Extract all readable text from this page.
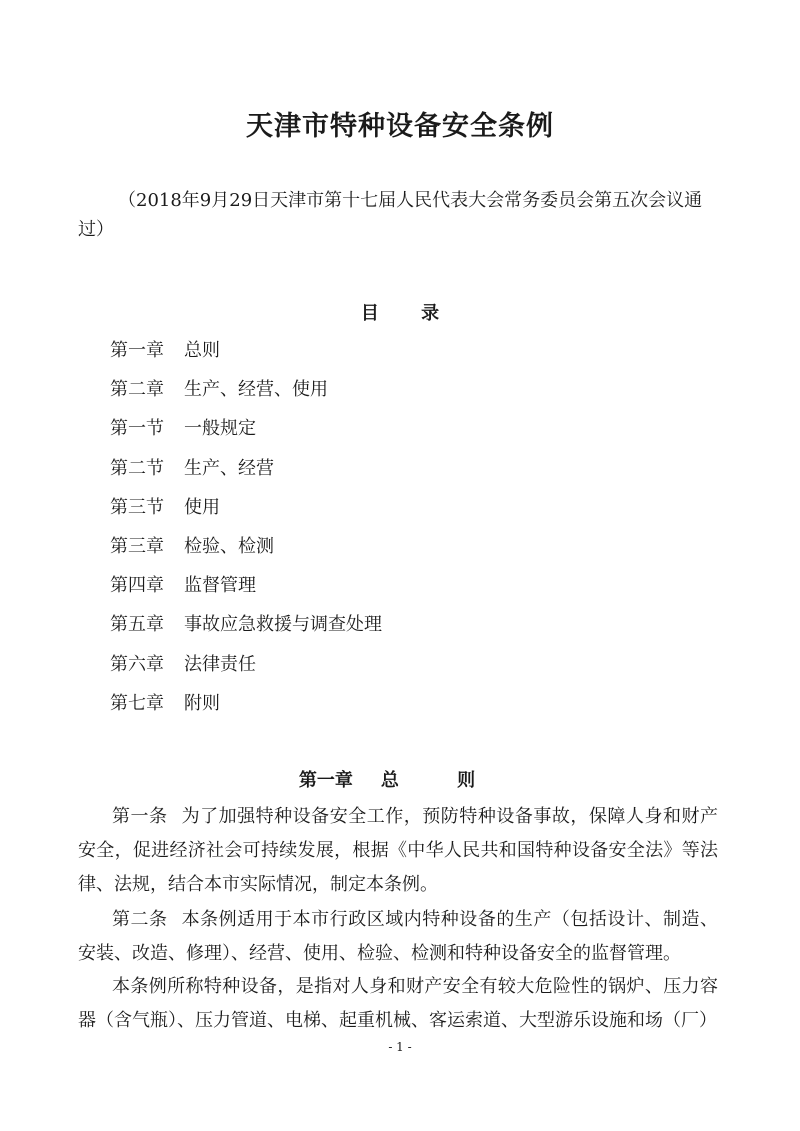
天津市特种设备安全条例

（2018年9月29日天津市第十七届人民代表大会常务委员会第五次会议通过）

目 录
第一章 总则
第二章 生产、经营、使用
第一节 一般规定
第二节 生产、经营
第三节 使用
第三章 检验、检测
第四章 监督管理
第五章 事故应急救援与调查处理
第六章 法律责任
第七章 附则
第一章 总 则

第一条 为了加强特种设备安全工作，预防特种设备事故，保障人身和财产安全，促进经济社会可持续发展，根据《中华人民共和国特种设备安全法》等法律、法规，结合本市实际情况，制定本条例。

第二条 本条例适用于本市行政区域内特种设备的生产（包括设计、制造、安装、改造、修理）、经营、使用、检验、检测和特种设备安全的监督管理。

本条例所称特种设备，是指对人身和财产安全有较大危险性的锅炉、压力容器（含气瓶）、压力管道、电梯、起重机械、客运索道、大型游乐设施和场（厂）

- 1 -
